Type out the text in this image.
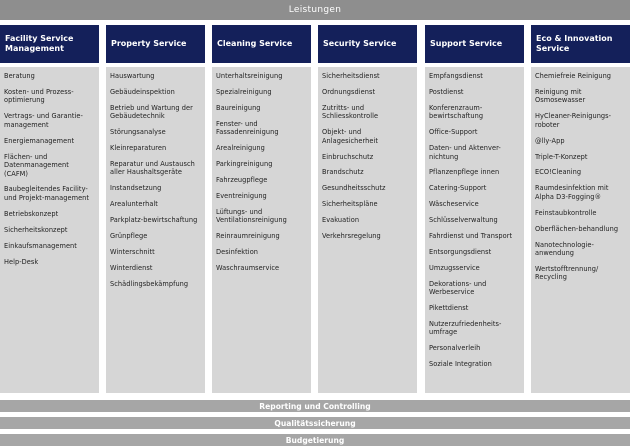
Leistungen
Facility Service Management
Beratung
Kosten- und Prozess-optimierung
Vertrags- und Garantie-management
Energiemanagement
Flächen- und Datenmanagement (CAFM)
Baubegleitendes Facility- und Projekt-management
Betriebskonzept
Sicherheitskonzept
Einkaufsmanagement
Help-Desk
Property Service
Hauswartung
Gebäudeinspektion
Betrieb und Wartung der Gebäudetechnik
Störungsanalyse
Kleinreparaturen
Reparatur und Austausch aller Haushaltsgeräte
Instandsetzung
Arealunterhalt
Parkplatz-bewirtschaftung
Grünpflege
Winterschnitt
Winterdienst
Schädlingsbekämpfung
Cleaning Service
Unterhaltsreinigung
Spezialreinigung
Baureinigung
Fenster- und Fassadenreinigung
Arealreinigung
Parkingreinigung
Fahrzeugpflege
Eventreinigung
Lüftungs- und Ventilationsreinigung
Reinraumreinigung
Desinfektion
Waschraumservice
Security Service
Sicherheitsdienst
Ordnungsdienst
Zutritts- und Schliesskontrolle
Objekt- und Anlagesicherheit
Einbruchschutz
Brandschutz
Gesundheitsschutz
Sicherheitspläne
Evakuation
Verkehrsregelung
Support Service
Empfangsdienst
Postdienst
Konferenzraum-bewirtschaftung
Office-Support
Daten- und Aktenver-nichtung
Pflanzenpflege innen
Catering-Support
Wäscheservice
Schlüsselverwaltung
Fahrdienst und Transport
Entsorgungsdienst
Umzugsservice
Dekorations- und Werbeservice
Pikettdienst
Nutzerzufriedenheits-umfrage
Personalverleih
Soziale Integration
Eco & Innovation Service
Chemiefreie Reinigung
Reinigung mit Osmosewasser
HyCleaner-Reinigungs-roboter
@lly-App
Triple-T-Konzept
ECO!Cleaning
Raumdesinfektion mit Alpha D3-Fogging®
Feinstaubkontrolle
Oberflächen-behandlung
Nanotechnologie-anwendung
Wertstofftrennung/ Recycling
Reporting und Controlling
Qualitätssicherung
Budgetierung
